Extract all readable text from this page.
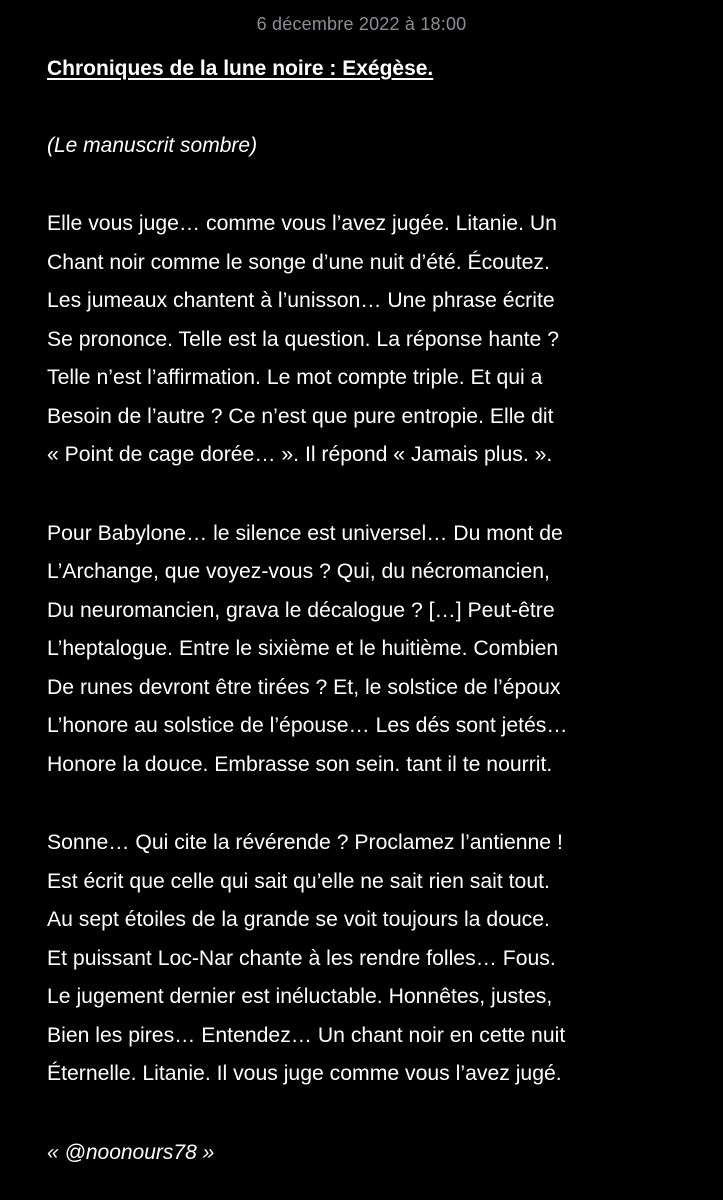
6 décembre 2022 à 18:00
Chroniques de la lune noire : Exégèse.
(Le manuscrit sombre)
Elle vous juge… comme vous l’avez jugée. Litanie. Un
Chant noir comme le songe d’une nuit d’été. Écoutez.
Les jumeaux chantent à l’unisson… Une phrase écrite
Se prononce. Telle est la question. La réponse hante ?
Telle n’est l’affirmation. Le mot compte triple. Et qui a
Besoin de l’autre ? Ce n’est que pure entropie. Elle dit
« Point de cage dorée… ». Il répond « Jamais plus. ».
Pour Babylone… le silence est universel… Du mont de
L’Archange, que voyez-vous ? Qui, du nécromancien,
Du neuromancien, grava le décalogue ? […] Peut-être
L’heptalogue. Entre le sixième et le huitième. Combien
De runes devront être tirées ? Et, le solstice de l’époux
L’honore au solstice de l’épouse… Les dés sont jetés…
Honore la douce. Embrasse son sein. tant il te nourrit.
Sonne… Qui cite la révérende ? Proclamez l’antienne !
Est écrit que celle qui sait qu’elle ne sait rien sait tout.
Au sept étoiles de la grande se voit toujours la douce.
Et puissant Loc-Nar chante à les rendre folles… Fous.
Le jugement dernier est inéluctable. Honnêtes, justes,
Bien les pires… Entendez… Un chant noir en cette nuit
Éternelle. Litanie. Il vous juge comme vous l’avez jugé.
« @noonours78 »
